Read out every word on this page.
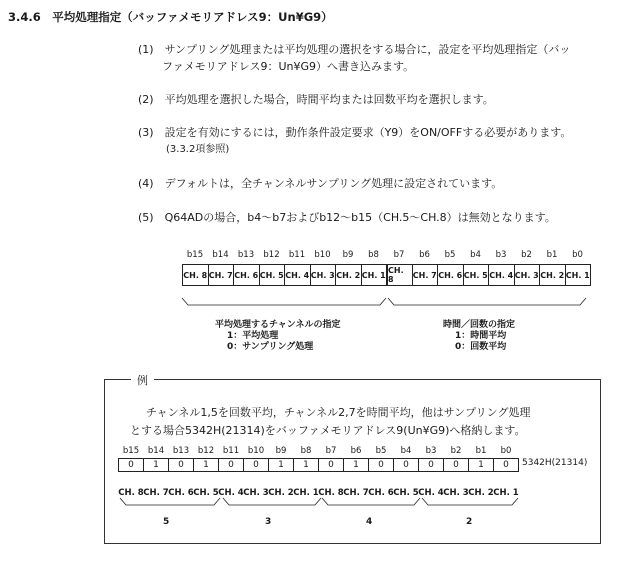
3.4.6　平均処理指定（バッファメモリアドレス9：Un¥G9）
(1)　サンプリング処理または平均処理の選択をする場合に，設定を平均処理指定（バッ
ファメモリアドレス9：Un¥G9）へ書き込みます。
(2)　平均処理を選択した場合，時間平均または回数平均を選択します。
(3)　設定を有効にするには，動作条件設定要求（Y9）をON/OFFする必要があります。
(3.3.2項参照)
(4)　デフォルトは，全チャンネルサンプリング処理に設定されています。
(5)　Q64ADの場合，b4～b7およびb12～b15（CH.5～CH.8）は無効となります。
b15	b14	b13	b12	b11	b10	b9	b8	b7	b6	b5	b4	b3	b2	b1	b0
CH. 8 CH. 7 CH. 6 CH. 5 CH. 4 CH. 3 CH. 2 CH. 1 CH. 8	CH. 7 CH. 6 CH. 5 CH. 4 CH. 3 CH. 2 CH. 1
平均処理するチャンネルの指定
1：平均処理
0：サンプリング処理
時間／回数の指定
1：時間平均
0：回数平均
例
チャンネル1,5を回数平均，チャンネル2,7を時間平均，他はサンプリング処理
とする場合5342H(21314)をバッファメモリアドレス9(Un¥G9)へ格納します。
b15	b14	b13	b12	b11	b10	b9	b8	b7	b6	b5	b4	b3	b2	b1	b0
0	1	0	1	0	0	1	1	0	1	0	0	0	0	1	0
CH. 8 CH. 7 CH. 6 CH. 5 CH. 4 CH. 3 CH. 2 CH. 1 CH. 8 CH. 7 CH. 6 CH. 5 CH. 4 CH. 3 CH. 2 CH. 1
5342H(21314)
5	3	4	2
